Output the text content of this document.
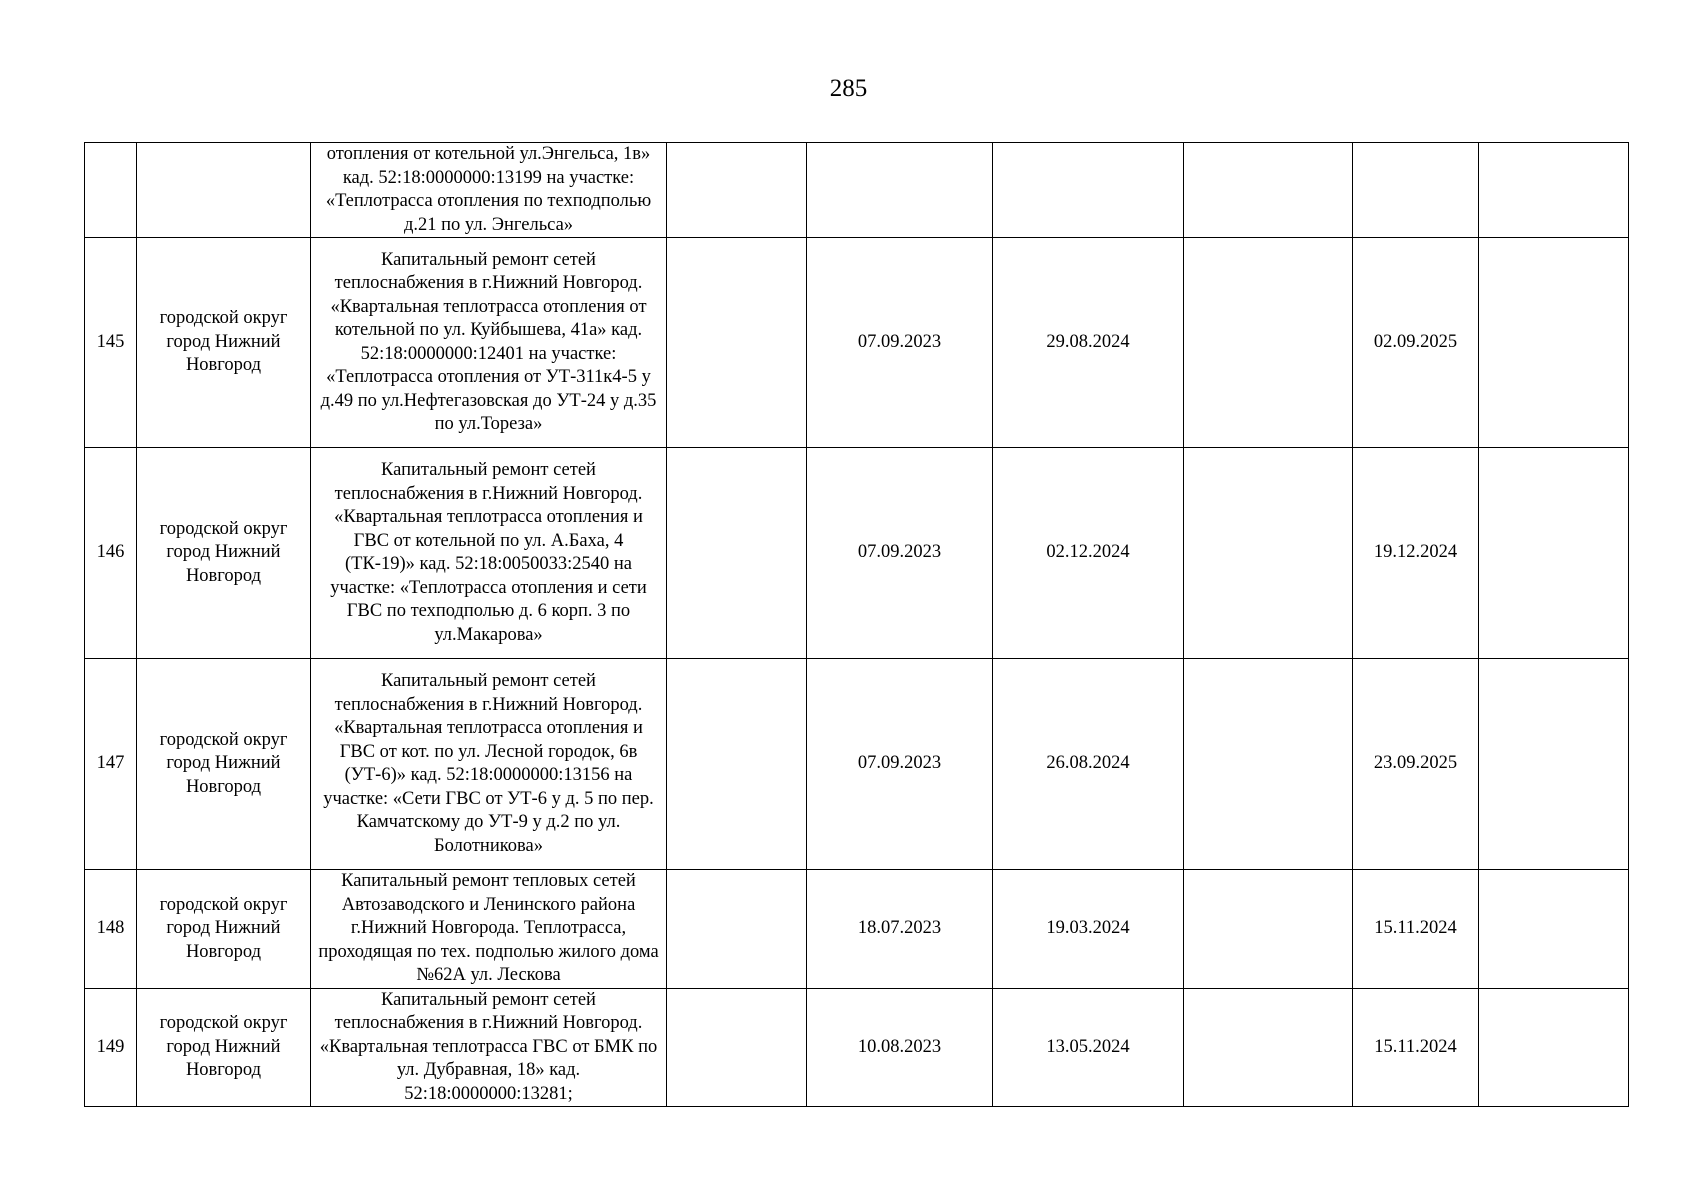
285
		отопления от котельной ул.Энгельса, 1в» кад. 52:18:0000000:13199 на участке: «Теплотрасса отопления по техподполью д.21 по ул. Энгельса»						
145	городской округ город Нижний Новгород	Капитальный ремонт сетей теплоснабжения в г.Нижний Новгород. «Квартальная теплотрасса отопления от котельной по ул. Куйбышева, 41а» кад. 52:18:0000000:12401 на участке: «Теплотрасса отопления от УТ-311к4-5 у д.49 по ул.Нефтегазовская до УТ-24 у д.35 по ул.Тореза»		07.09.2023	29.08.2024		02.09.2025	
146	городской округ город Нижний Новгород	Капитальный ремонт сетей теплоснабжения в г.Нижний Новгород. «Квартальная теплотрасса отопления и ГВС от котельной по ул. А.Баха, 4 (ТК-19)» кад. 52:18:0050033:2540 на участке: «Теплотрасса отопления и сети ГВС по техподполью д. 6 корп. 3 по ул.Макарова»		07.09.2023	02.12.2024		19.12.2024	
147	городской округ город Нижний Новгород	Капитальный ремонт сетей теплоснабжения в г.Нижний Новгород. «Квартальная теплотрасса отопления и ГВС от кот. по ул. Лесной городок, 6в (УТ-6)» кад. 52:18:0000000:13156 на участке: «Сети ГВС от УТ-6 у д. 5 по пер. Камчатскому до УТ-9 у д.2 по ул. Болотникова»		07.09.2023	26.08.2024		23.09.2025	
148	городской округ город Нижний Новгород	Капитальный ремонт тепловых сетей Автозаводского и Ленинского района г.Нижний Новгорода. Теплотрасса, проходящая по тех. подполью жилого дома №62А ул. Лескова		18.07.2023	19.03.2024		15.11.2024	
149	городской округ город Нижний Новгород	Капитальный ремонт сетей теплоснабжения в г.Нижний Новгород. «Квартальная теплотрасса ГВС от БМК по ул. Дубравная, 18» кад. 52:18:0000000:13281;		10.08.2023	13.05.2024		15.11.2024	
